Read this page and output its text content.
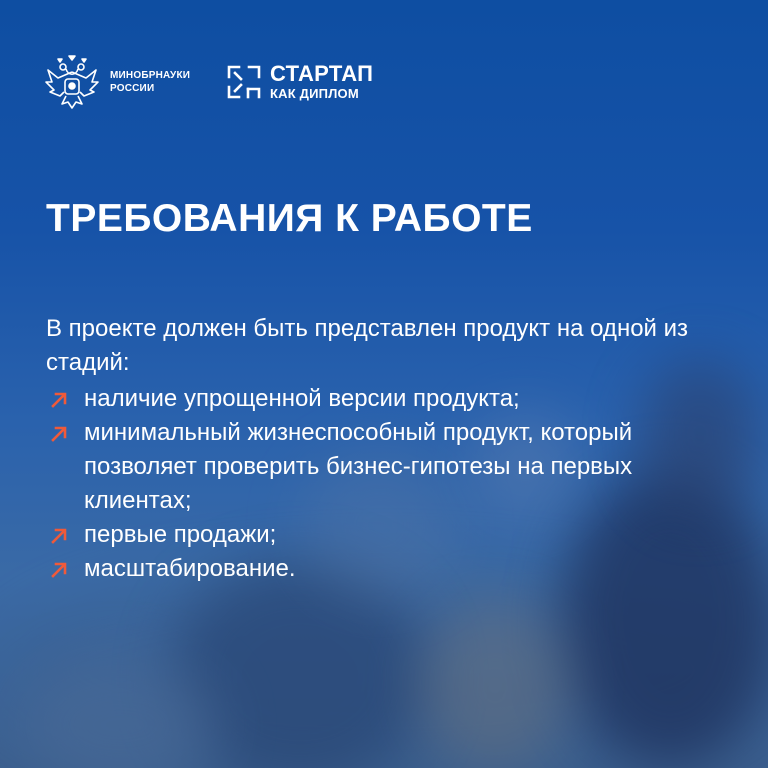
МИНОБРНАУКИ
РОССИИ
СТАРТАП
КАК ДИПЛОМ
ТРЕБОВАНИЯ К РАБОТЕ

В проекте должен быть представлен продукт на одной из стадий:

наличие упрощенной версии продукта;
минимальный жизнеспособный продукт, который позволяет проверить бизнес-гипотезы на первых клиентах;
первые продажи;
масштабирование.
